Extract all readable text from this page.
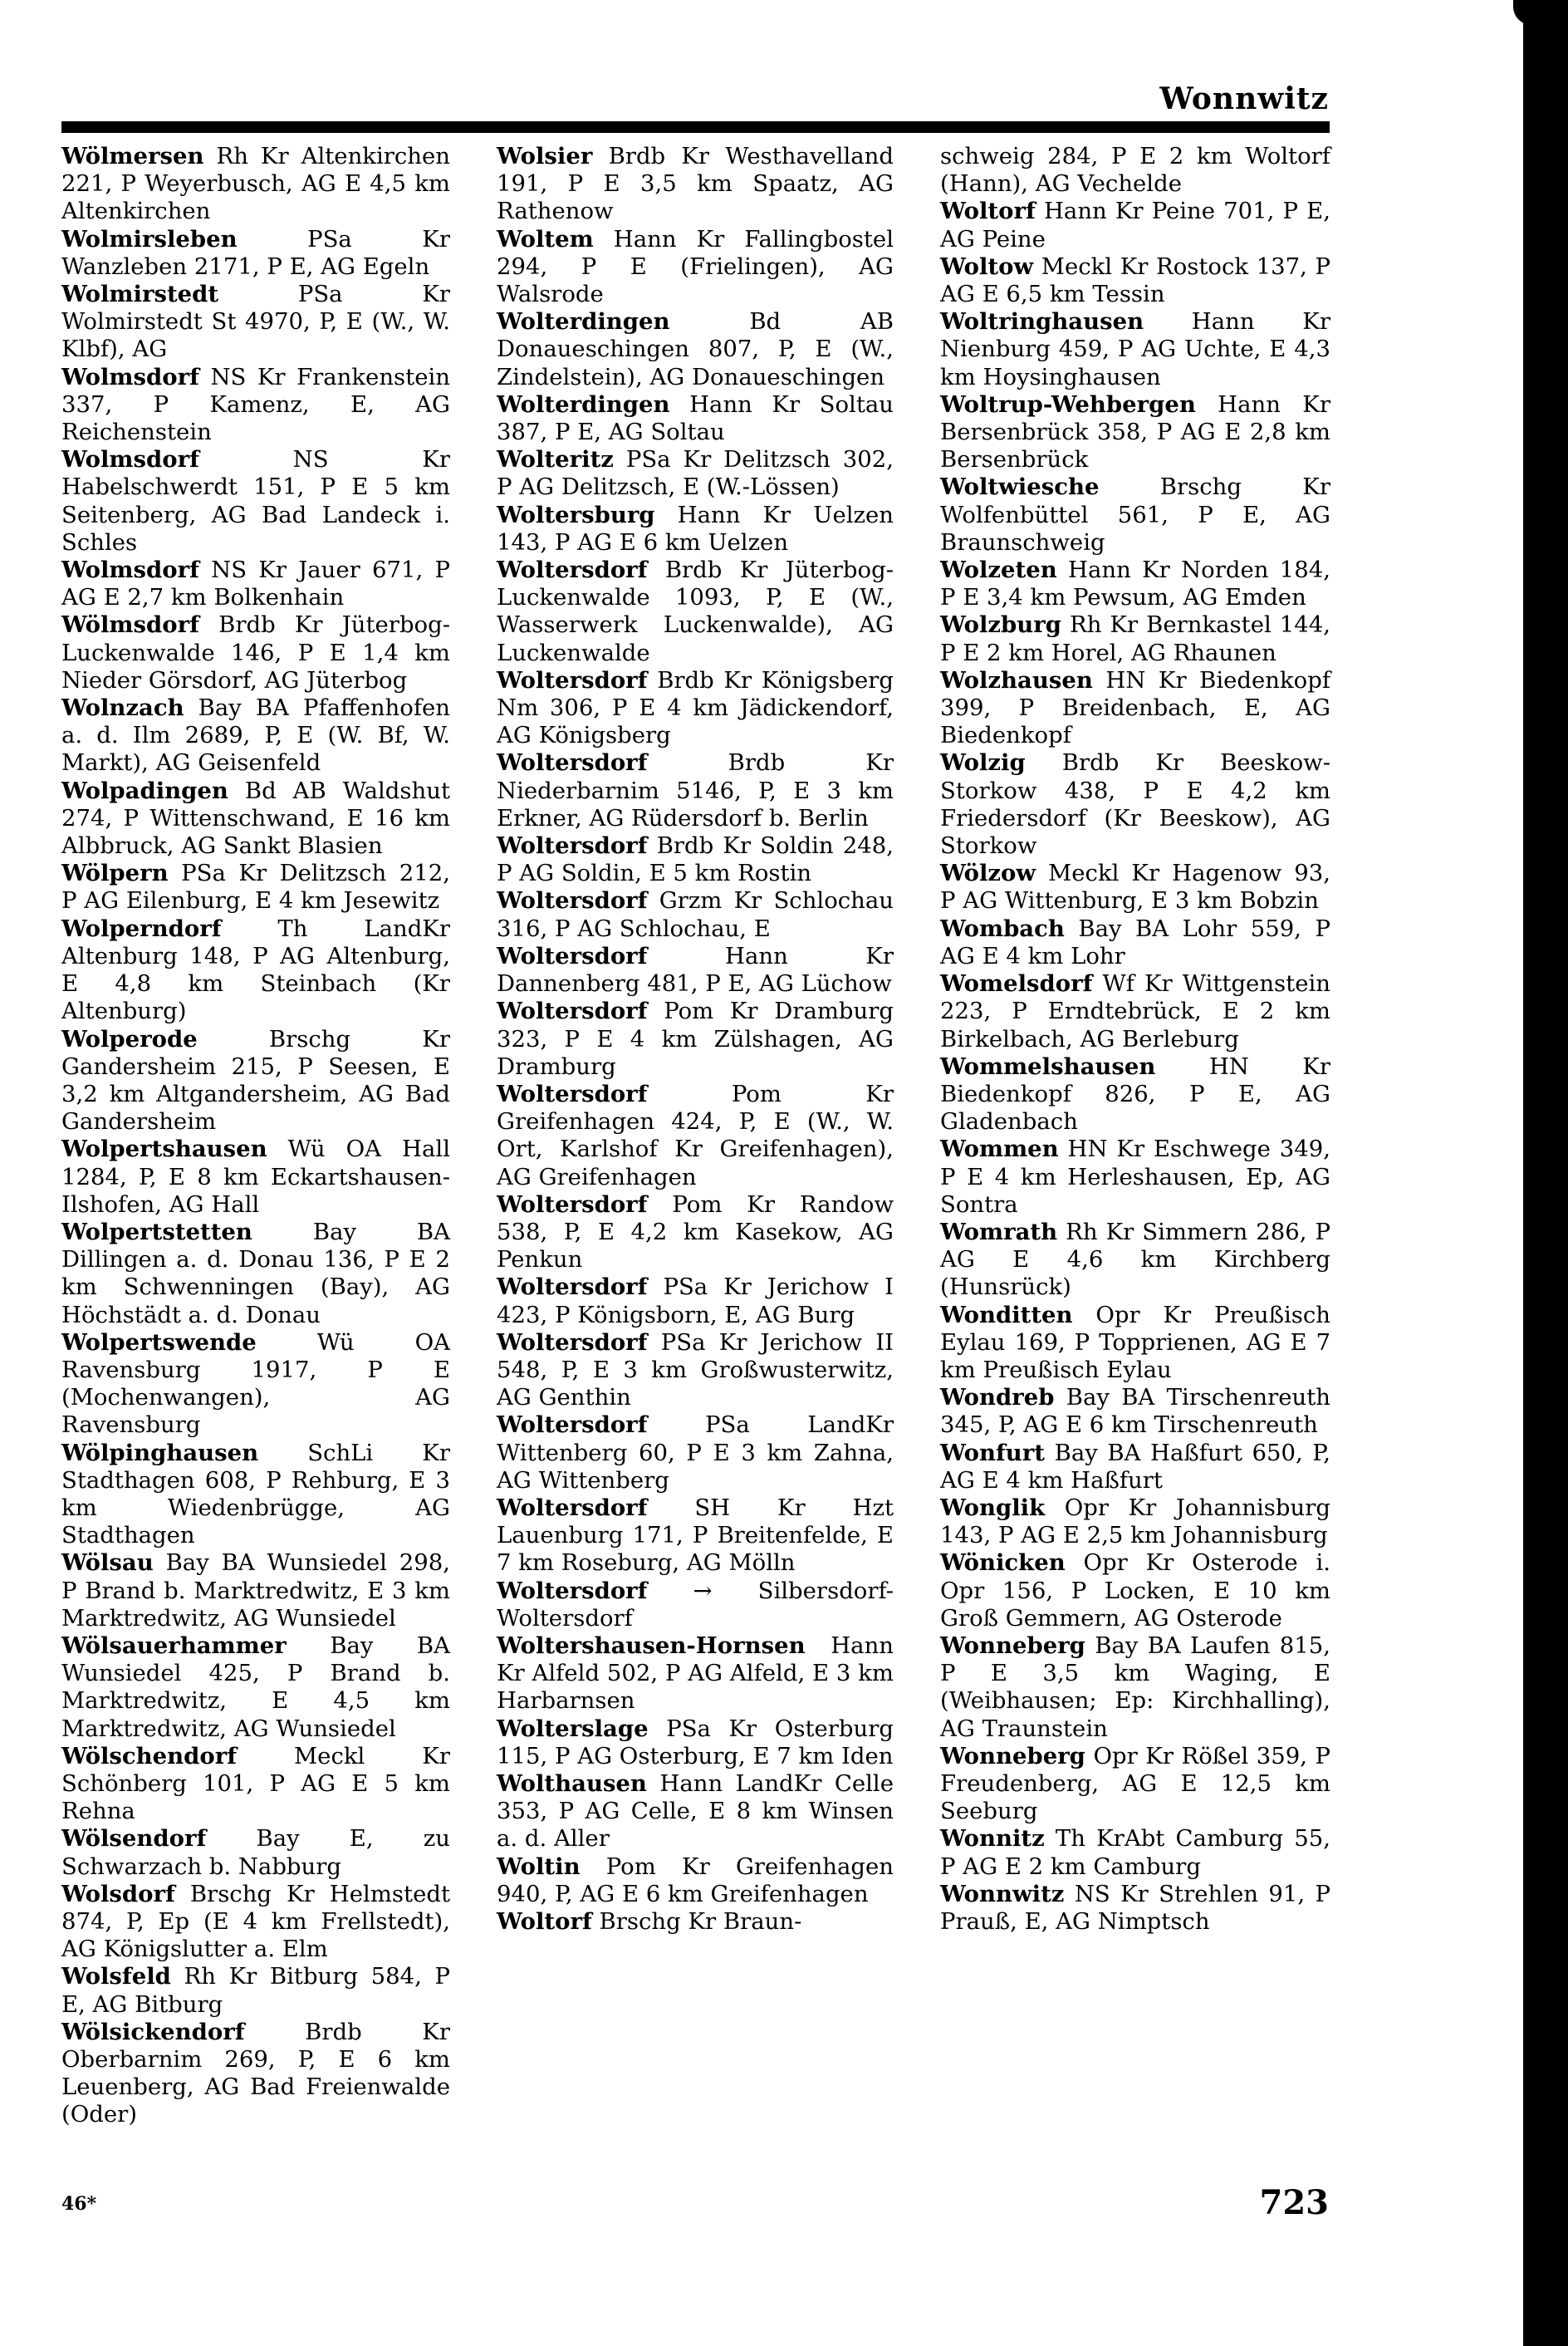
Wonnwitz

Wölmersen Rh Kr Altenkirchen 221, P Weyerbusch, AG E 4,5 km Altenkirchen

Wolmirsleben	PSa Kr Wanzleben 2171, P E, AG Egeln

Wolmirstedt	PSa Kr Wolmirstedt St 4970, P, E (W., W. Klbf), AG

Wolmsdorf NS Kr Frankenstein 337, P Kamenz, E, AG Reichenstein

Wolmsdorf	NS Kr Habelschwerdt 151, P E 5 km Seitenberg, AG Bad Landeck i. Schles

Wolmsdorf NS Kr Jauer 671, P AG E 2,7 km Bolkenhain

Wölmsdorf Brdb Kr Jüterbog-Luckenwalde 146, P E 1,4 km Nieder Görsdorf, AG Jüterbog

Wolnzach Bay BA Pfaffenhofen a. d. Ilm 2689, P, E (W. Bf, W. Markt), AG Geisenfeld

Wolpadingen Bd AB Waldshut 274, P Wittenschwand, E 16 km Albbruck, AG Sankt Blasien

Wölpern PSa Kr Delitzsch 212, P AG Eilenburg, E 4 km Jesewitz

Wolperndorf Th LandKr Altenburg 148, P AG Altenburg, E 4,8 km Steinbach (Kr Altenburg)

Wolperode	Brschg Kr Gandersheim 215, P Seesen, E 3,2 km Altgandersheim, AG Bad Gandersheim

Wolpertshausen Wü OA Hall 1284, P, E 8 km Eckartshausen-Ilshofen, AG Hall

Wolpertstetten	Bay BA Dillingen a. d. Donau 136, P E 2 km Schwenningen (Bay), AG Höchstädt a. d. Donau

Wolpertswende	Wü OA Ravensburg 1917, P E (Mochenwangen), AG Ravensburg

Wölpinghausen SchLi Kr Stadthagen 608, P Rehburg, E 3 km Wiedenbrügge, AG Stadthagen

Wölsau Bay BA Wunsiedel 298, P Brand b. Marktredwitz, E 3 km Marktredwitz, AG Wunsiedel

Wölsauerhammer Bay BA Wunsiedel 425, P Brand b. Marktredwitz, E 4,5 km Marktredwitz, AG Wunsiedel

Wölschendorf	Meckl Kr Schönberg 101, P AG E 5 km Rehna

Wölsendorf Bay E, zu Schwarzach b. Nabburg

Wolsdorf Brschg Kr Helmstedt 874, P, Ep (E 4 km Frellstedt), AG Königslutter a. Elm

Wolsfeld Rh Kr Bitburg 584, P E, AG Bitburg

Wölsickendorf	Brdb Kr Oberbarnim 269, P, E 6 km Leuenberg, AG Bad Freienwalde (Oder)

Wolsier Brdb Kr Westhavelland 191, P E 3,5 km Spaatz, AG Rathenow

Woltem Hann Kr Fallingbostel 294, P E (Frielingen), AG Walsrode

Wolterdingen	Bd AB Donaueschingen 807, P, E (W., Zindelstein), AG Donaueschingen

Wolterdingen Hann Kr Soltau 387, P E, AG Soltau

Wolteritz PSa Kr Delitzsch 302, P AG Delitzsch, E (W.-Lössen)

Woltersburg Hann Kr Uelzen 143, P AG E 6 km Uelzen

Woltersdorf Brdb Kr Jüterbog-Luckenwalde 1093, P, E (W., Wasserwerk Luckenwalde), AG Luckenwalde

Woltersdorf Brdb Kr Königsberg Nm 306, P E 4 km Jädickendorf, AG Königsberg

Woltersdorf	Brdb Kr Niederbarnim 5146, P, E 3 km Erkner, AG Rüdersdorf b. Berlin

Woltersdorf Brdb Kr Soldin 248, P AG Soldin, E 5 km Rostin

Woltersdorf Grzm Kr Schlochau 316, P AG Schlochau, E

Woltersdorf	Hann Kr Dannenberg 481, P E, AG Lüchow

Woltersdorf Pom Kr Dramburg 323, P E 4 km Zülshagen, AG Dramburg

Woltersdorf	Pom Kr Greifenhagen 424, P, E (W., W. Ort, Karlshof Kr Greifenhagen), AG Greifenhagen

Woltersdorf Pom Kr Randow 538, P, E 4,2 km Kasekow, AG Penkun

Woltersdorf PSa Kr Jerichow I 423, P Königsborn, E, AG Burg

Woltersdorf PSa Kr Jerichow II 548, P, E 3 km Großwusterwitz, AG Genthin

Woltersdorf	PSa LandKr Wittenberg 60, P E 3 km Zahna, AG Wittenberg

Woltersdorf SH Kr Hzt Lauenburg 171, P Breitenfelde, E 7 km Roseburg, AG Mölln

Woltersdorf → Silbersdorf-Woltersdorf

Woltershausen-Hornsen Hann Kr Alfeld 502, P AG Alfeld, E 3 km Harbarnsen

Wolterslage PSa Kr Osterburg 115, P AG Osterburg, E 7 km Iden

Wolthausen Hann LandKr Celle 353, P AG Celle, E 8 km Winsen a. d. Aller

Woltin Pom Kr Greifenhagen 940, P, AG E 6 km Greifenhagen

Woltorf Brschg Kr Braun-

schweig 284, P E 2 km Woltorf (Hann), AG Vechelde

Woltorf Hann Kr Peine 701, P E, AG Peine

Woltow Meckl Kr Rostock 137, P AG E 6,5 km Tessin

Woltringhausen Hann Kr Nienburg 459, P AG Uchte, E 4,3 km Hoysinghausen

Woltrup-Wehbergen Hann Kr Bersenbrück 358, P AG E 2,8 km Bersenbrück

Woltwiesche	Brschg Kr Wolfenbüttel 561, P E, AG Braunschweig

Wolzeten Hann Kr Norden 184, P E 3,4 km Pewsum, AG Emden

Wolzburg Rh Kr Bernkastel 144, P E 2 km Horel, AG Rhaunen

Wolzhausen HN Kr Biedenkopf 399, P Breidenbach, E, AG Biedenkopf

Wolzig Brdb Kr Beeskow-Storkow 438, P E 4,2 km Friedersdorf (Kr Beeskow), AG Storkow

Wölzow Meckl Kr Hagenow 93, P AG Wittenburg, E 3 km Bobzin

Wombach Bay BA Lohr 559, P AG E 4 km Lohr

Womelsdorf Wf Kr Wittgenstein 223, P Erndtebrück, E 2 km Birkelbach, AG Berleburg

Wommelshausen HN Kr Biedenkopf 826, P E, AG Gladenbach

Wommen HN Kr Eschwege 349, P E 4 km Herleshausen, Ep, AG Sontra

Womrath Rh Kr Simmern 286, P AG E 4,6 km Kirchberg (Hunsrück)

Wonditten Opr Kr Preußisch Eylau 169, P Topprienen, AG E 7 km Preußisch Eylau

Wondreb Bay BA Tirschenreuth 345, P, AG E 6 km Tirschenreuth

Wonfurt Bay BA Haßfurt 650, P, AG E 4 km Haßfurt

Wonglik Opr Kr Johannisburg 143, P AG E 2,5 km Johannisburg

Wönicken Opr Kr Osterode i. Opr 156, P Locken, E 10 km Groß Gemmern, AG Osterode

Wonneberg Bay BA Laufen 815, P E 3,5 km Waging, E (Weibhausen; Ep: Kirchhalling), AG Traunstein

Wonneberg Opr Kr Rößel 359, P Freudenberg, AG E 12,5 km Seeburg

Wonnitz Th KrAbt Camburg 55, P AG E 2 km Camburg

Wonnwitz NS Kr Strehlen 91, P Prauß, E, AG Nimptsch

46*	723
